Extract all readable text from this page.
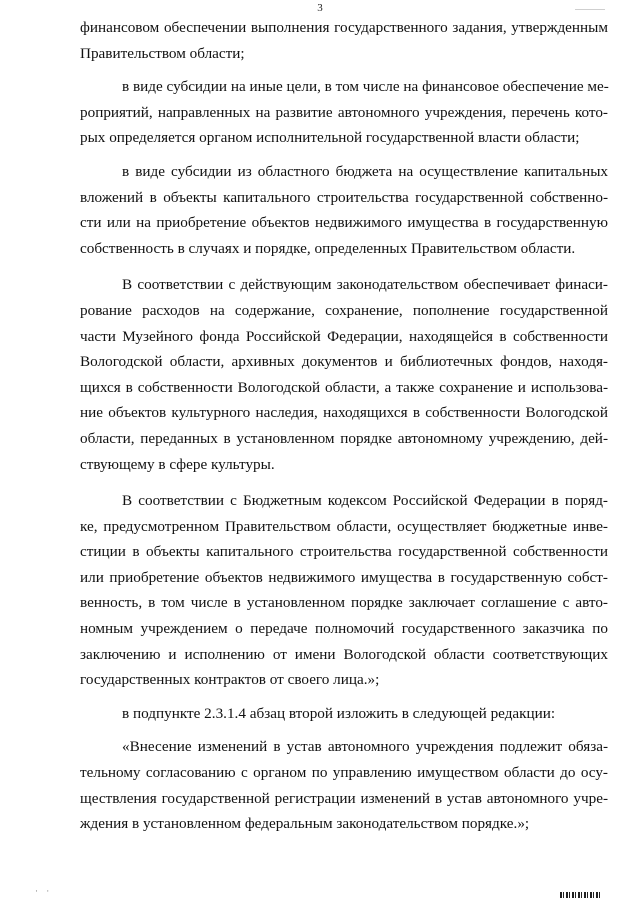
3
финансовом обеспечении выполнения государственного задания, утвержденным
Правительством области;
в виде субсидии на иные цели, в том числе на финансовое обеспечение ме-
роприятий, направленных на развитие автономного учреждения, перечень кото-
рых определяется органом исполнительной государственной власти области;
в виде субсидии из областного бюджета на осуществление капитальных
вложений в объекты капитального строительства государственной собственно-
сти или на приобретение объектов недвижимого имущества в государственную
собственность в случаях и порядке, определенных Правительством области.
В соответствии с действующим законодательством обеспечивает финаси-
рование расходов на содержание, сохранение, пополнение государственной
части Музейного фонда Российской Федерации, находящейся в собственности
Вологодской области, архивных документов и библиотечных фондов, находя-
щихся в собственности Вологодской области, а также сохранение и использова-
ние объектов культурного наследия, находящихся в собственности Вологодской
области, переданных в установленном порядке автономному учреждению, дей-
ствующему в сфере культуры.
В соответствии с Бюджетным кодексом Российской Федерации в поряд-
ке, предусмотренном Правительством области, осуществляет бюджетные инве-
стиции в объекты капитального строительства государственной собственности
или приобретение объектов недвижимого имущества в государственную собст-
венность, в том числе в установленном порядке заключает соглашение с авто-
номным учреждением о передаче полномочий государственного заказчика по
заключению и исполнению от имени Вологодской области соответствующих
государственных контрактов от своего лица.»;
в подпункте 2.3.1.4 абзац второй изложить в следующей редакции:
«Внесение изменений в устав автономного учреждения подлежит обяза-
тельному согласованию с органом по управлению имуществом области до осу-
ществления государственной регистрации изменений в устав автономного учре-
ждения в установленном федеральным законодательством порядке.»;
· ·
